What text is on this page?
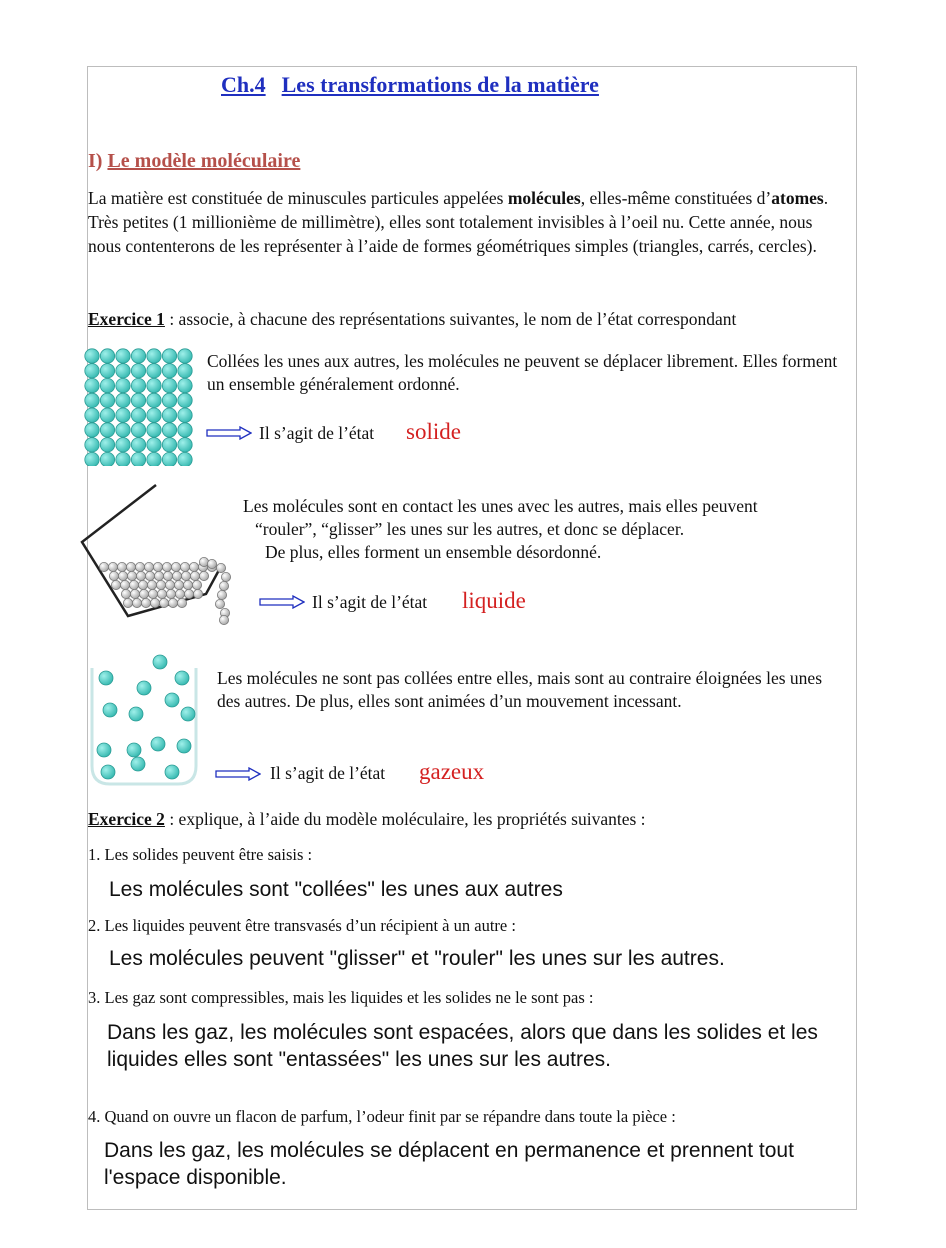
Ch.4 Les transformations de la matière
I) Le modèle moléculaire
La matière est constituée de minuscules particules appelées molécules, elles-même constituées d’atomes. Très petites (1 millionième de millimètre), elles sont totalement invisibles à l’oeil nu. Cette année, nous nous contenterons de les représenter à l’aide de formes géométriques simples (triangles, carrés, cercles).
Exercice 1 : associe, à chacune des représentations suivantes, le nom de l’état correspondant
Collées les unes aux autres, les molécules ne peuvent se déplacer librement. Elles forment un ensemble généralement ordonné.
Il s’agit de l’état solide
Les molécules sont en contact les unes avec les autres, mais elles peuvent
“rouler”, “glisser” les unes sur les autres, et donc se déplacer.
De plus, elles forment un ensemble désordonné.
Il s’agit de l’état liquide
Les molécules ne sont pas collées entre elles, mais sont au contraire éloignées les unes des autres. De plus, elles sont animées d’un mouvement incessant.
Il s’agit de l’état gazeux
Exercice 2 : explique, à l’aide du modèle moléculaire, les propriétés suivantes :
1. Les solides peuvent être saisis :
Les molécules sont "collées" les unes aux autres
2. Les liquides peuvent être transvasés d’un récipient à un autre :
Les molécules peuvent "glisser" et "rouler" les unes sur les autres.
3. Les gaz sont compressibles, mais les liquides et les solides ne le sont pas :
Dans les gaz, les molécules sont espacées, alors que dans les solides et les liquides elles sont "entassées" les unes sur les autres.
4. Quand on ouvre un flacon de parfum, l’odeur finit par se répandre dans toute la pièce :
Dans les gaz, les molécules se déplacent en permanence et prennent tout l'espace disponible.
